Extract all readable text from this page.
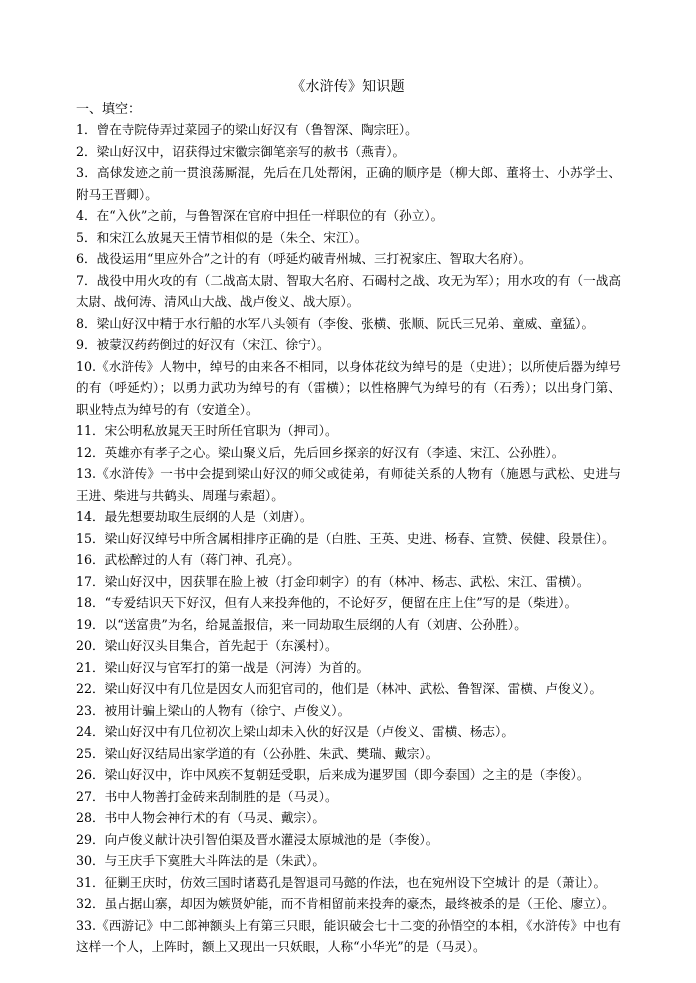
《水浒传》知识题
一、填空：

1．曾在寺院侍弄过菜园子的梁山好汉有（鲁智深、陶宗旺）。

2．梁山好汉中，诏获得过宋徽宗御笔亲写的赦书（燕青）。

3．高俅发迹之前一贯浪荡厮混，先后在几处帮闲，正确的顺序是（柳大郎、董将士、小苏学士、附马王晋卿）。

4．在“入伙”之前，与鲁智深在官府中担任一样职位的有（孙立）。

5．和宋江么放晁天王情节相似的是（朱仝、宋江）。

6．战役运用“里应外合”之计的有（呼延灼破青州城、三打祝家庄、智取大名府）。

7．战役中用火攻的有（二战高太尉、智取大名府、石碣村之战、攻无为军）；用水攻的有（一战高太尉、战何涛、清风山大战、战卢俊义、战大原）。

8．梁山好汉中精于水行船的水军八头领有（李俊、张横、张顺、阮氏三兄弟、童威、童猛）。

9．被蒙汉药药倒过的好汉有（宋江、徐宁）。

10.《水浒传》人物中，绰号的由来各不相同，以身体花纹为绰号的是（史进）；以所使后器为绰号的有（呼延灼）；以勇力武功为绰号的有（雷横）；以性格脾气为绰号的有（石秀）；以出身门第、职业特点为绰号的有（安道全）。

11．宋公明私放晁天王时所任官职为（押司）。

12．英雄亦有孝子之心。梁山聚义后，先后回乡探亲的好汉有（李逵、宋江、公孙胜）。

13.《水浒传》一书中会提到梁山好汉的师父或徒弟，有师徒关系的人物有（施恩与武松、史进与王进、柴进与共鹤头、周瑾与索超）。

14．最先想要劫取生辰纲的人是（刘唐）。

15．梁山好汉绰号中所含属相排序正确的是（白胜、王英、史进、杨春、宣赞、侯健、段景住）。

16．武松醉过的人有（蒋门神、孔亮）。

17．梁山好汉中，因获罪在脸上被（打金印刺字）的有（林冲、杨志、武松、宋江、雷横）。

18．“专爱结识天下好汉，但有人来投奔他的，不论好歹，便留在庄上住”写的是（柴进）。

19．以“送富贵”为名，给晁盖报信，来一同劫取生辰纲的人有（刘唐、公孙胜）。

20．梁山好汉头目集合，首先起于（东溪村）。

21．梁山好汉与官军打的第一战是（河涛）为首的。

22．梁山好汉中有几位是因女人而犯官司的，他们是（林冲、武松、鲁智深、雷横、卢俊义）。

23．被用计骗上梁山的人物有（徐宁、卢俊义）。

24．梁山好汉中有几位初次上梁山却未入伙的好汉是（卢俊义、雷横、杨志）。

25．梁山好汉结局出家学道的有（公孙胜、朱武、樊瑞、戴宗）。

26．梁山好汉中，诈中风疾不复朝廷受职，后来成为暹罗国（即今泰国）之主的是（李俊）。

27．书中人物善打金砖来刮制胜的是（马灵）。

28．书中人物会神行术的有（马灵、戴宗）。

29．向卢俊义献计决引智伯渠及晋水灌浸太原城池的是（李俊）。

30．与王庆手下寞胜大斗阵法的是（朱武）。

31．征剿王庆时，仿效三国时诸葛孔是智退司马懿的作法，也在宛州设下空城计 的是（萧让）。

32．虽占据山寨，却因为嫉贤妒能，而不肯相留前来投奔的豪杰，最终被杀的是（王伦、廖立）。

33.《西游记》中二郎神额头上有第三只眼，能识破会七十二变的孙悟空的本相，《水浒传》中也有这样一个人，上阵时，额上又现出一只妖眼，人称“小华光”的是（马灵）。
